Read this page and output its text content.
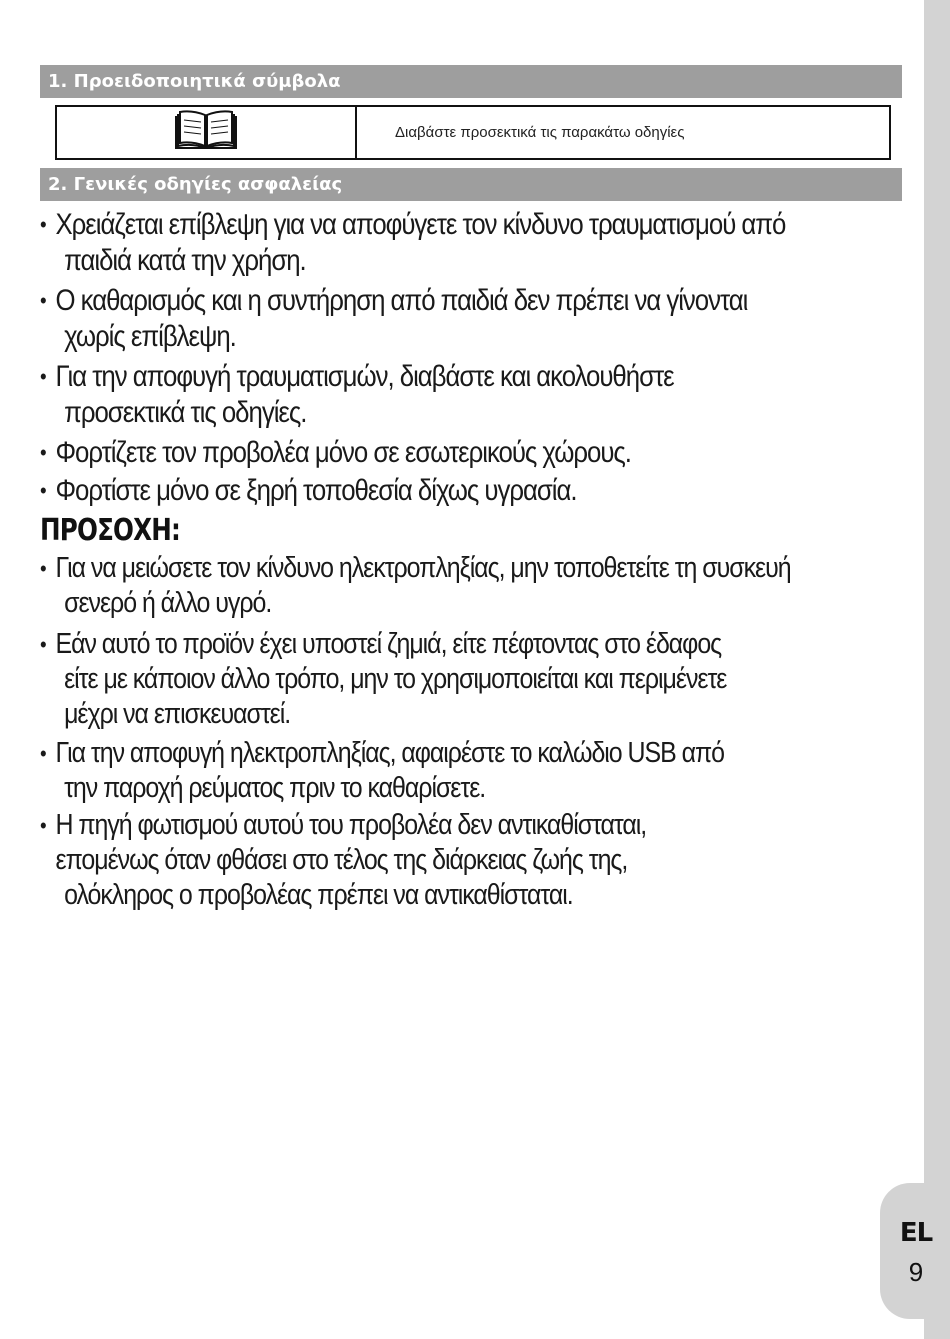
EL
9
1. Προειδοποιητικά σύμβολα
Διαβάστε προσεκτικά τις παρακάτω οδηγίες
2. Γενικές οδηγίες ασφαλείας
• Χρειάζεται επίβλεψη για να αποφύγετε τον κίνδυνο τραυματισμού από
παιδιά κατά την χρήση.
• Ο καθαρισμός και η συντήρηση από παιδιά δεν πρέπει να γίνονται
χωρίς επίβλεψη.
• Για την αποφυγή τραυματισμών, διαβάστε και ακολουθήστε
προσεκτικά τις οδηγίες.
• Φορτίζετε τον προβολέα μόνο σε εσωτερικούς χώρους.
• Φορτίστε μόνο σε ξηρή τοποθεσία δίχως υγρασία.
ΠΡΟΣΟΧΗ:
• Για να μειώσετε τον κίνδυνο ηλεκτροπληξίας, μην τοποθετείτε τη συσκευή
σενερό ή άλλο υγρό.
• Εάν αυτό το προϊόν έχει υποστεί ζημιά, είτε πέφτοντας στο έδαφος
είτε με κάποιον άλλο τρόπο, μην το χρησιμοποιείται και περιμένετε
μέχρι να επισκευαστεί.
• Για την αποφυγή ηλεκτροπληξίας, αφαιρέστε το καλώδιο USB από
την παροχή ρεύματος πριν το καθαρίσετε.
• Η πηγή φωτισμού αυτού του προβολέα δεν αντικαθίσταται,
επομένως όταν φθάσει στο τέλος της διάρκειας ζωής της,
ολόκληρος ο προβολέας πρέπει να αντικαθίσταται.
